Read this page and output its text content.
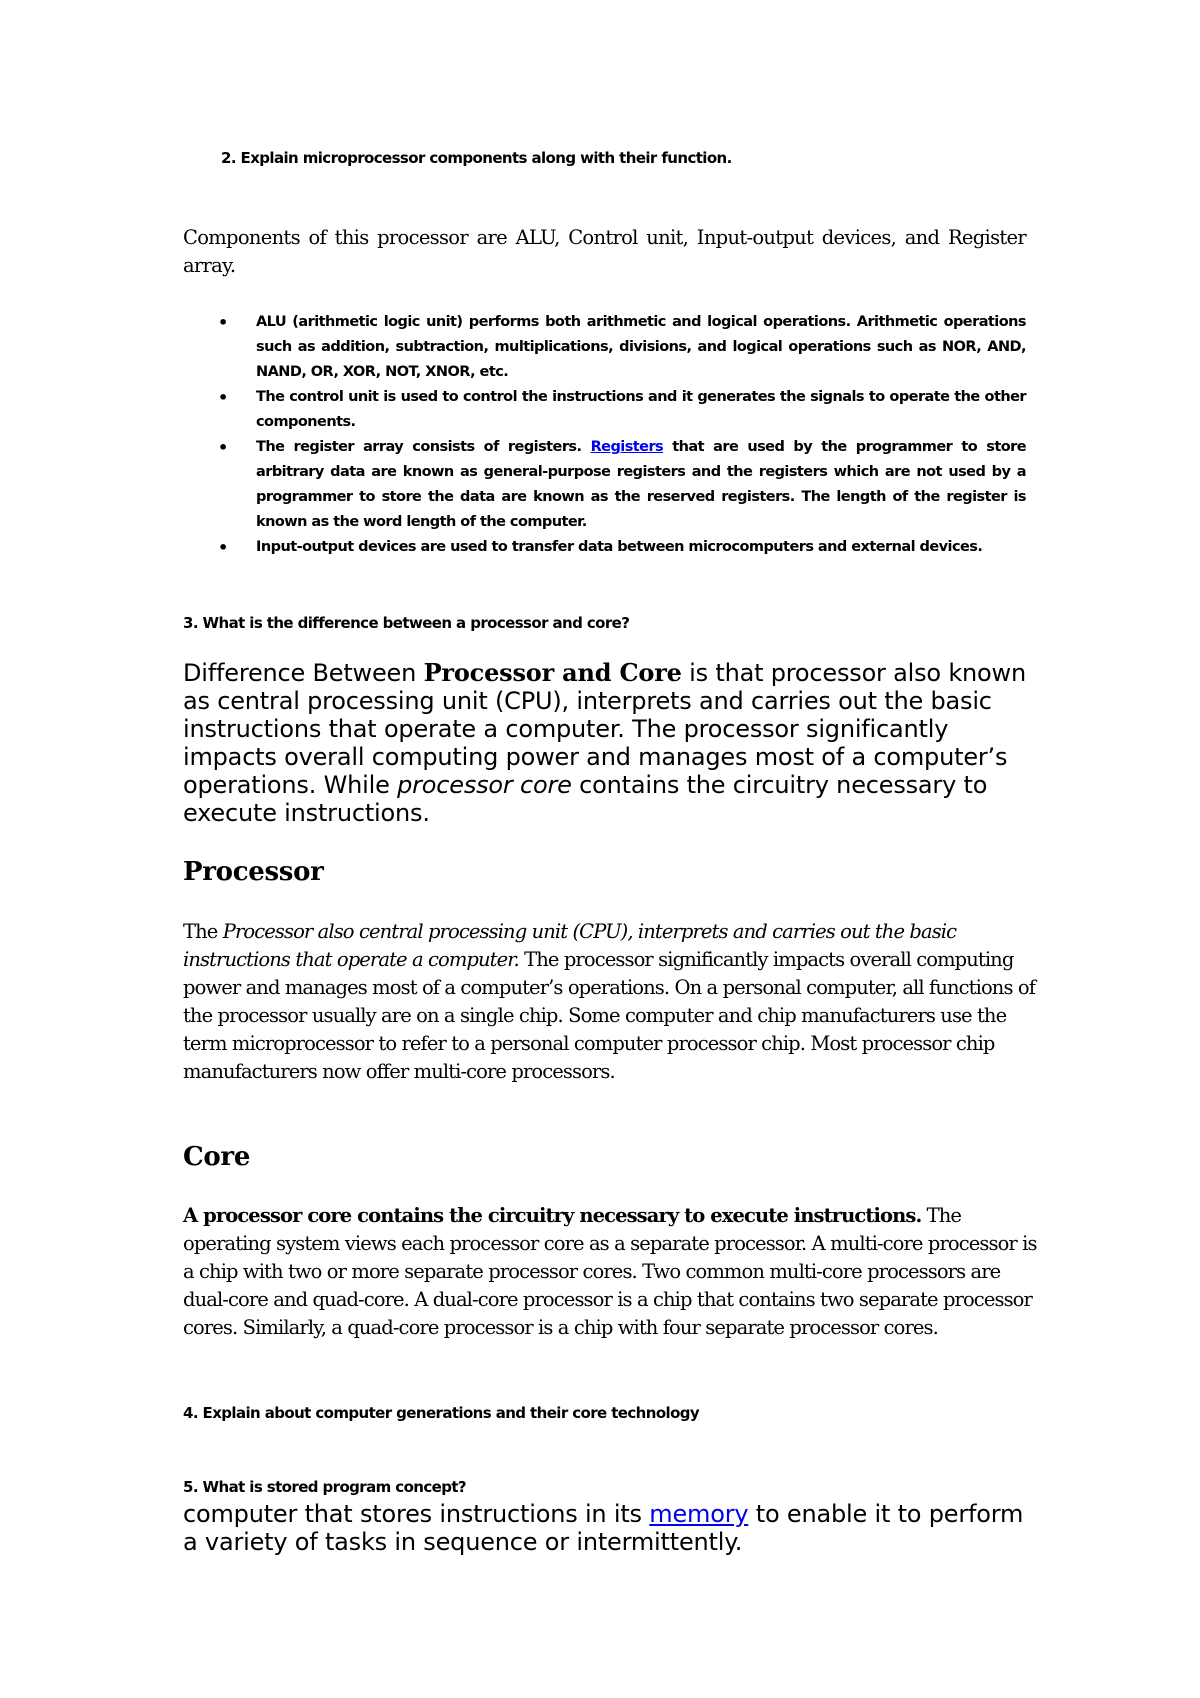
2. Explain microprocessor components along with their function.

Components of this processor are ALU, Control unit, Input-output devices, and Register array.

• ALU (arithmetic logic unit) performs both arithmetic and logical operations. Arithmetic operations such as addition, subtraction, multiplications, divisions, and logical operations such as NOR, AND, NAND, OR, XOR, NOT, XNOR, etc.
• The control unit is used to control the instructions and it generates the signals to operate the other components.
• The register array consists of registers. Registers that are used by the programmer to store arbitrary data are known as general-purpose registers and the registers which are not used by a programmer to store the data are known as the reserved registers. The length of the register is known as the word length of the computer.
• Input-output devices are used to transfer data between microcomputers and external devices.

3. What is the difference between a processor and core?

Difference Between Processor and Core is that processor also known as central processing unit (CPU), interprets and carries out the basic instructions that operate a computer. The processor significantly impacts overall computing power and manages most of a computer’s operations. While processor core contains the circuitry necessary to execute instructions.

Processor

The Processor also central processing unit (CPU), interprets and carries out the basic instructions that operate a computer. The processor significantly impacts overall computing power and manages most of a computer’s operations. On a personal computer, all functions of the processor usually are on a single chip. Some computer and chip manufacturers use the term microprocessor to refer to a personal computer processor chip. Most processor chip manufacturers now offer multi-core processors.

Core

A processor core contains the circuitry necessary to execute instructions. The operating system views each processor core as a separate processor. A multi-core processor is a chip with two or more separate processor cores. Two common multi-core processors are dual-core and quad-core. A dual-core processor is a chip that contains two separate processor cores. Similarly, a quad-core processor is a chip with four separate processor cores.

4. Explain about computer generations and their core technology

5. What is stored program concept?

computer that stores instructions in its memory to enable it to perform a variety of tasks in sequence or intermittently.
